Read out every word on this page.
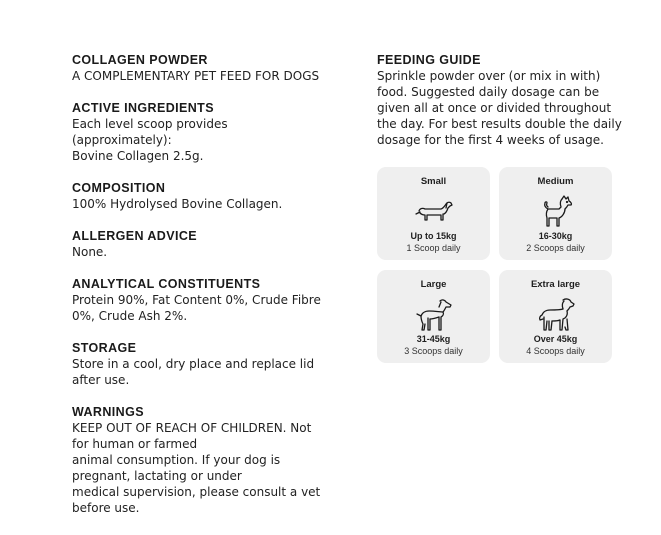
COLLAGEN POWDER

A COMPLEMENTARY PET FEED FOR DOGS

ACTIVE INGREDIENTS

Each level scoop provides
(approximately):
Bovine Collagen 2.5g.

COMPOSITION

100% Hydrolysed Bovine Collagen.

ALLERGEN ADVICE

None.

ANALYTICAL CONSTITUENTS

Protein 90%, Fat Content 0%, Crude Fibre
0%, Crude Ash 2%.

STORAGE

Store in a cool, dry place and replace lid
after use.

WARNINGS

KEEP OUT OF REACH OF CHILDREN. Not
for human or farmed
animal consumption. If your dog is
pregnant, lactating or under
medical supervision, please consult a vet
before use.

FEEDING GUIDE

Sprinkle powder over (or mix in with)
food. Suggested daily dosage can be
given all at once or divided throughout
the day. For best results double the daily
dosage for the first 4 weeks of usage.

Small
Up to 15kg
1 Scoop daily
Medium
16-30kg
2 Scoops daily
Large
31-45kg
3 Scoops daily
Extra large
Over 45kg
4 Scoops daily
